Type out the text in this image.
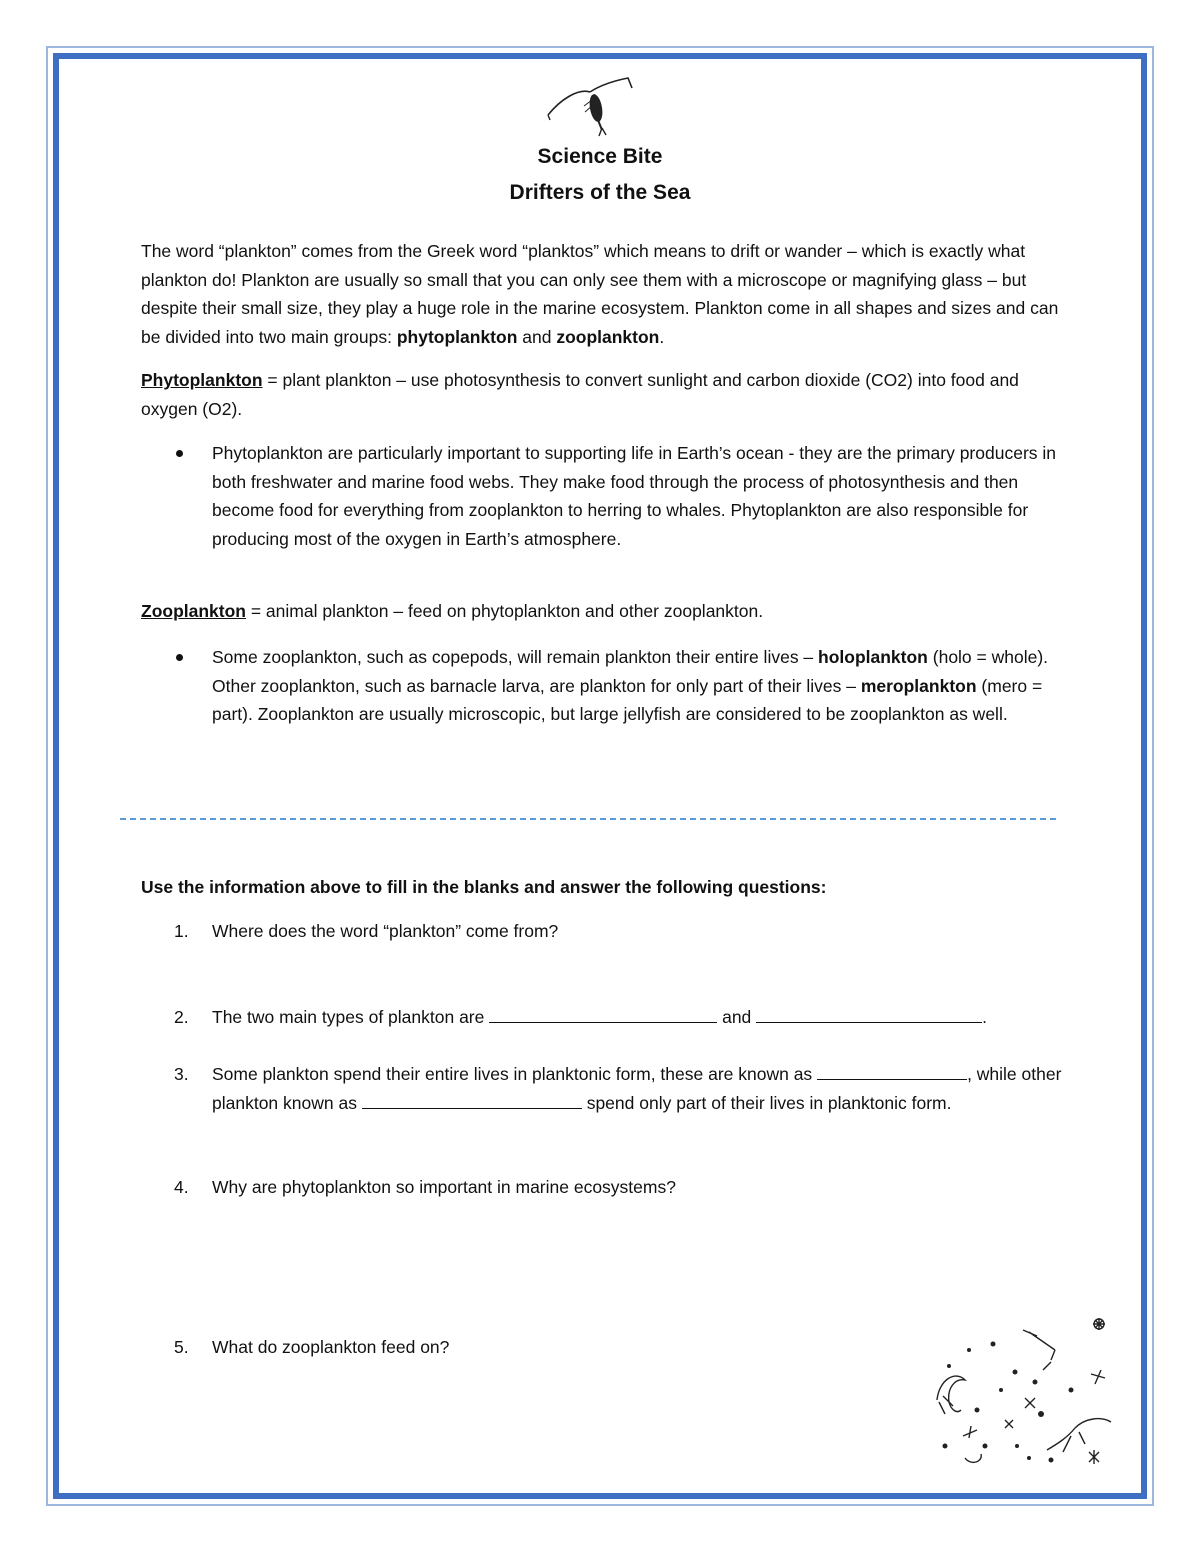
Science Bite
Drifters of the Sea

The word “plankton” comes from the Greek word “planktos” which means to drift or wander – which is exactly what plankton do! Plankton are usually so small that you can only see them with a microscope or magnifying glass – but despite their small size, they play a huge role in the marine ecosystem. Plankton come in all shapes and sizes and can be divided into two main groups: phytoplankton and zooplankton.

Phytoplankton = plant plankton – use photosynthesis to convert sunlight and carbon dioxide (CO2) into food and oxygen (O2).

Phytoplankton are particularly important to supporting life in Earth’s ocean - they are the primary producers in both freshwater and marine food webs. They make food through the process of photosynthesis and then become food for everything from zooplankton to herring to whales. Phytoplankton are also responsible for producing most of the oxygen in Earth’s atmosphere.

Zooplankton = animal plankton – feed on phytoplankton and other zooplankton.

Some zooplankton, such as copepods, will remain plankton their entire lives – holoplankton (holo = whole). Other zooplankton, such as barnacle larva, are plankton for only part of their lives – meroplankton (mero = part). Zooplankton are usually microscopic, but large jellyfish are considered to be zooplankton as well.

Use the information above to fill in the blanks and answer the following questions:

1. Where does the word “plankton” come from?
2. The two main types of plankton are	and	.
3. Some plankton spend their entire lives in planktonic form, these are known as	, while other plankton known as	spend only part of their lives in planktonic form.
4. Why are phytoplankton so important in marine ecosystems?
5. What do zooplankton feed on?
